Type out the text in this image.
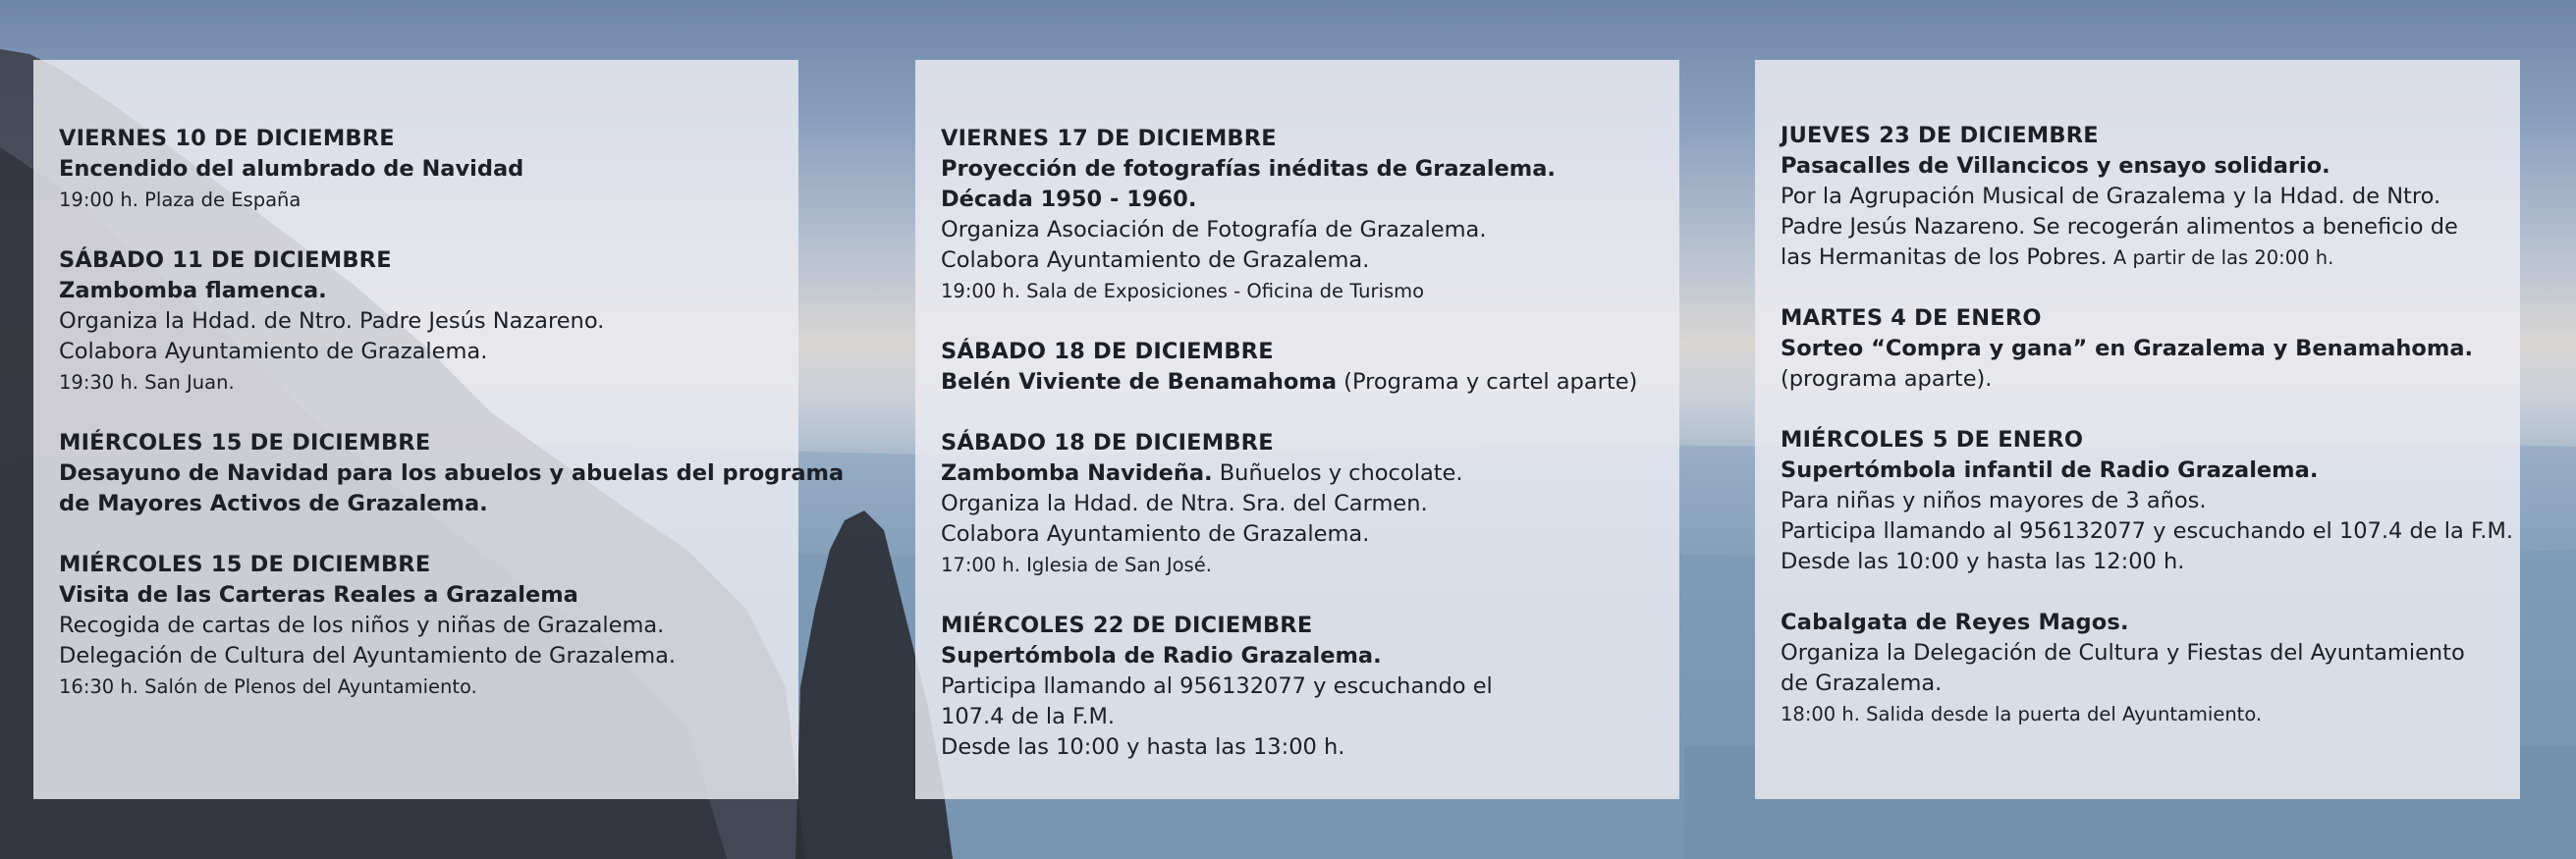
VIERNES 10 DE DICIEMBRE

Encendido del alumbrado de Navidad

19:00 h. Plaza de España

SÁBADO 11 DE DICIEMBRE

Zambomba flamenca.

Organiza la Hdad. de Ntro. Padre Jesús Nazareno.

Colabora Ayuntamiento de Grazalema.

19:30 h. San Juan.

MIÉRCOLES 15 DE DICIEMBRE

Desayuno de Navidad para los abuelos y abuelas del programa

de Mayores Activos de Grazalema.

MIÉRCOLES 15 DE DICIEMBRE

Visita de las Carteras Reales a Grazalema

Recogida de cartas de los niños y niñas de Grazalema.

Delegación de Cultura del Ayuntamiento de Grazalema.

16:30 h. Salón de Plenos del Ayuntamiento.

VIERNES 17 DE DICIEMBRE

Proyección de fotografías inéditas de Grazalema.

Década 1950 - 1960.

Organiza Asociación de Fotografía de Grazalema.

Colabora Ayuntamiento de Grazalema.

19:00 h. Sala de Exposiciones - Oficina de Turismo

SÁBADO 18 DE DICIEMBRE

Belén Viviente de Benamahoma (Programa y cartel aparte)

SÁBADO 18 DE DICIEMBRE

Zambomba Navideña. Buñuelos y chocolate.

Organiza la Hdad. de Ntra. Sra. del Carmen.

Colabora Ayuntamiento de Grazalema.

17:00 h. Iglesia de San José.

MIÉRCOLES 22 DE DICIEMBRE

Supertómbola de Radio Grazalema.

Participa llamando al 956132077 y escuchando el

107.4 de la F.M.

Desde las 10:00 y hasta las 13:00 h.

JUEVES 23 DE DICIEMBRE

Pasacalles de Villancicos y ensayo solidario.

Por la Agrupación Musical de Grazalema y la Hdad. de Ntro.

Padre Jesús Nazareno. Se recogerán alimentos a beneficio de

las Hermanitas de los Pobres. A partir de las 20:00 h.

MARTES 4 DE ENERO

Sorteo “Compra y gana” en Grazalema y Benamahoma.

(programa aparte).

MIÉRCOLES 5 DE ENERO

Supertómbola infantil de Radio Grazalema.

Para niñas y niños mayores de 3 años.

Participa llamando al 956132077 y escuchando el 107.4 de la F.M.

Desde las 10:00 y hasta las 12:00 h.

Cabalgata de Reyes Magos.

Organiza la Delegación de Cultura y Fiestas del Ayuntamiento

de Grazalema.

18:00 h. Salida desde la puerta del Ayuntamiento.
